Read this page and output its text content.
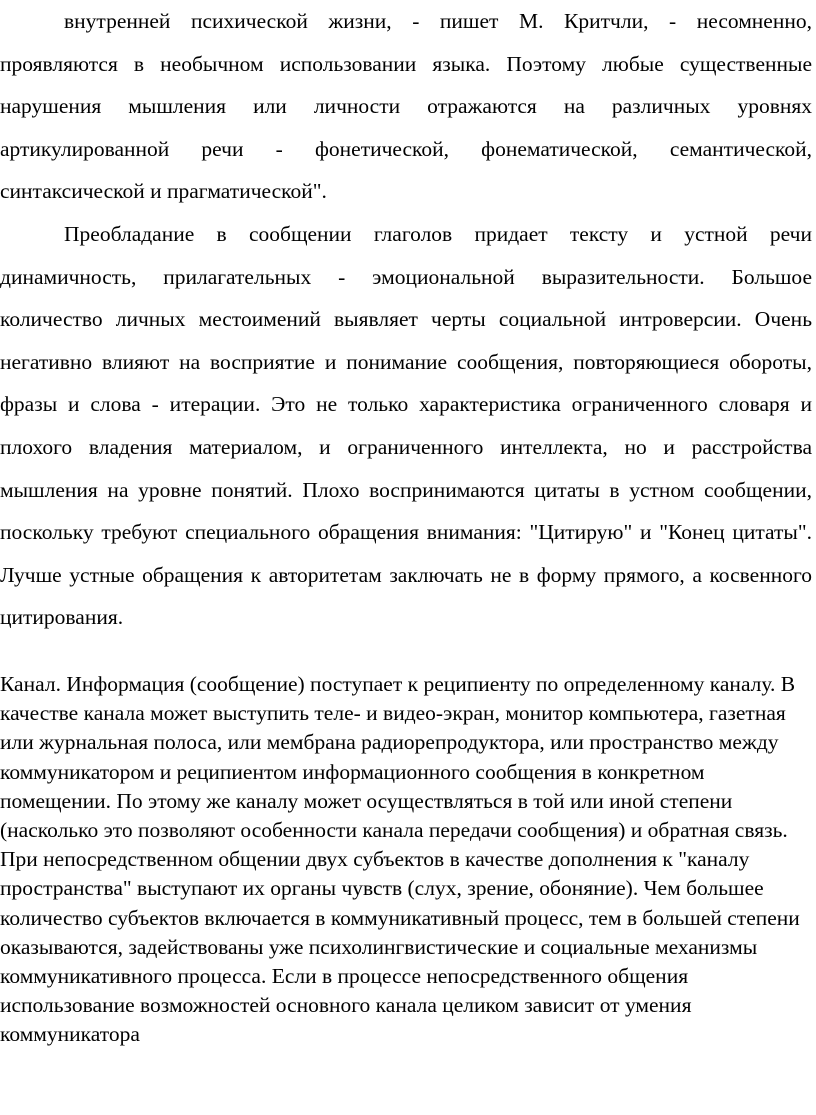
внутренней психической жизни, - пишет М. Критчли, - несомненно, проявляются в необычном использовании языка. Поэтому любые существенные нарушения мышления или личности отражаются на различных уровнях артикулированной речи - фонетической, фонематической, семантической, синтаксической и прагматической".

Преобладание в сообщении глаголов придает тексту и устной речи динамичность, прилагательных - эмоциональной выразительности. Большое количество личных местоимений выявляет черты социальной интроверсии. Очень негативно влияют на восприятие и понимание сообщения, повторяющиеся обороты, фразы и слова - итерации. Это не только характеристика ограниченного словаря и плохого владения материалом, и ограниченного интеллекта, но и расстройства мышления на уровне понятий. Плохо воспринимаются цитаты в устном сообщении, поскольку требуют специального обращения внимания: "Цитирую" и "Конец цитаты". Лучше устные обращения к авторитетам заключать не в форму прямого, а косвенного цитирования.

Канал. Информация (сообщение) поступает к реципиенту по определенному каналу. В качестве канала может выступить теле- и видео-экран, монитор компьютера, газетная или журнальная полоса, или мембрана радиорепродуктора, или пространство между коммуникатором и реципиентом информационного сообщения в конкретном помещении. По этому же каналу может осуществляться в той или иной степени (насколько это позволяют особенности канала передачи сообщения) и обратная связь. При непосредственном общении двух субъектов в качестве дополнения к "каналу пространства" выступают их органы чувств (слух, зрение, обоняние). Чем большее количество субъектов включается в коммуникативный процесс, тем в большей степени оказываются, задействованы уже психолингвистические и социальные механизмы коммуникативного процесса. Если в процессе непосредственного общения использование возможностей основного канала целиком зависит от умения коммуникатора
